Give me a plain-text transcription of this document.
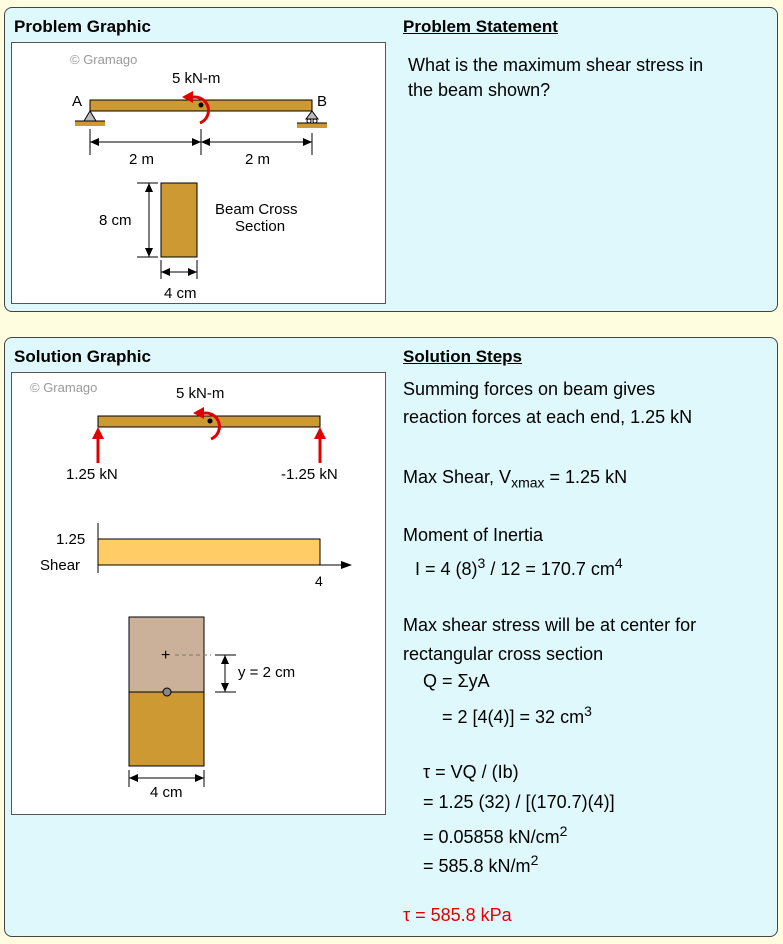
Problem Graphic	Problem Statement
What is the maximum shear stress in
the beam shown?
© Gramago
5 kN-m
A	B
2 m	2 m
8 cm
4 cm
Beam Cross
Section
Solution Graphic	Solution Steps
© Gramago	5 kN-m
1.25 kN	-1.25 kN
1.25
Shear
4
+
y = 2 cm
4 cm
Summing forces on beam gives
reaction forces at each end, 1.25 kN
Max Shear, $V_{xmax} = 1.25$ kN
Moment of Inertia
I = 4 $(8)^3 / 12 = 170.7$ $cm^4$
Max shear stress will be at center for
rectangular cross section
Q = ΣyA
= 2 [4(4)] = 32 $cm^3$
τ = VQ / (Ib)
= 1.25 (32) / [(170.7)(4)]
= 0.05858 $kN/cm^2$
= 585.8 $kN/m^2$
τ = 585.8 kPa
